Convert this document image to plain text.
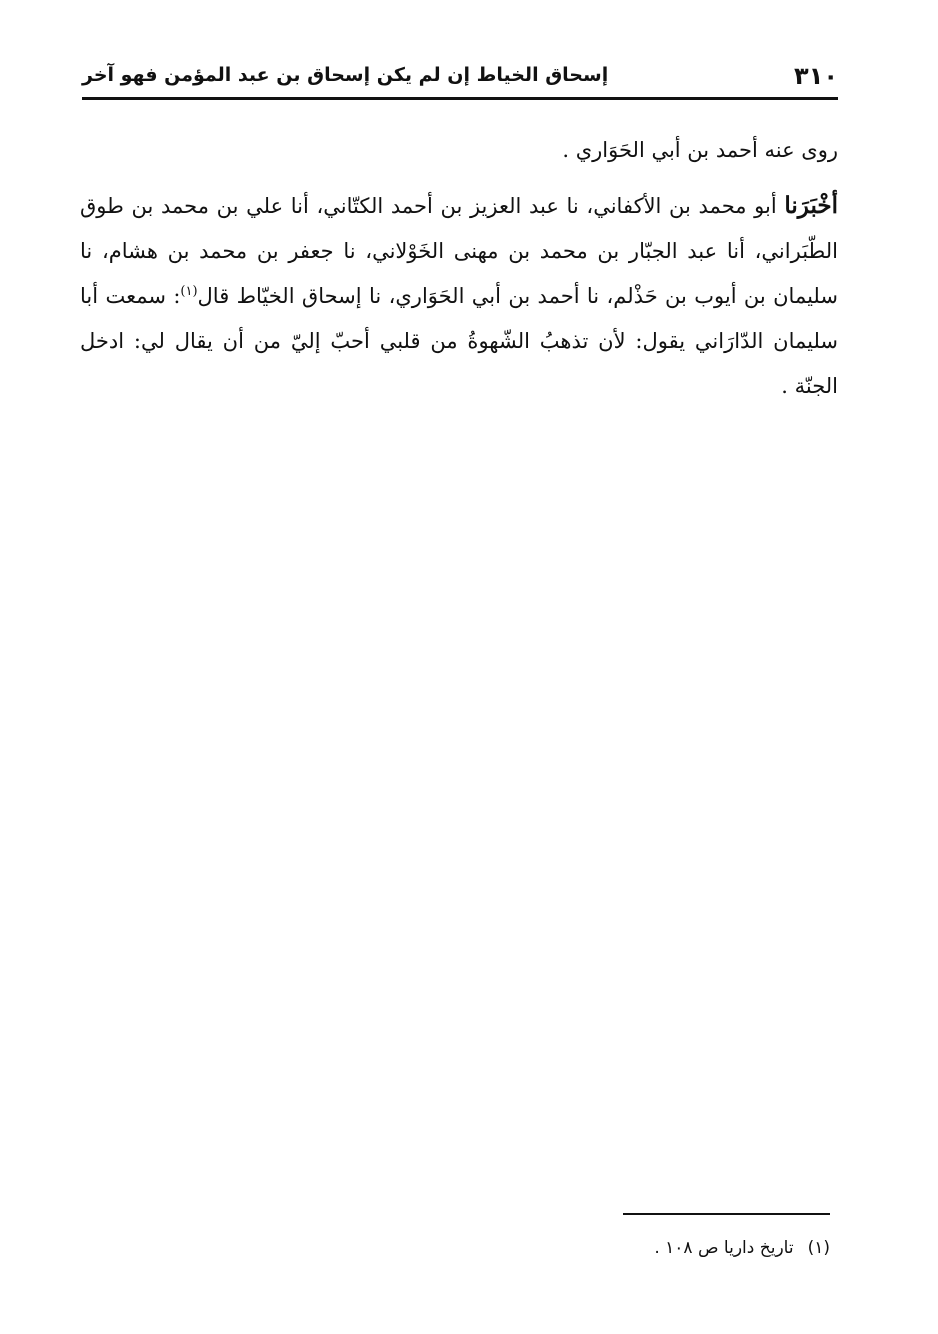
٣١٠
إسحاق الخياط إن لم يكن إسحاق بن عبد المؤمن فهو آخر

روى عنه أحمد بن أبي الحَوَاري .

أخْبَرَنا أبو محمد بن الأكفاني، نا عبد العزيز بن أحمد الكتّاني، أنا علي بن محمد بن طوق الطّبَراني، أنا عبد الجبّار بن محمد بن مهنى الخَوْلاني، نا جعفر بن محمد بن هشام، نا سليمان بن أيوب بن حَذْلم، نا أحمد بن أبي الحَوَاري، نا إسحاق الخيّاط قال$^{(١)}$: سمعت أبا سليمان الدّارَاني يقول: لأن تذهبُ الشّهوةُ من قلبي أحبّ إليّ من أن يقال لي: ادخل الجنّة .

(١)تاريخ داريا ص ١٠٨ .
